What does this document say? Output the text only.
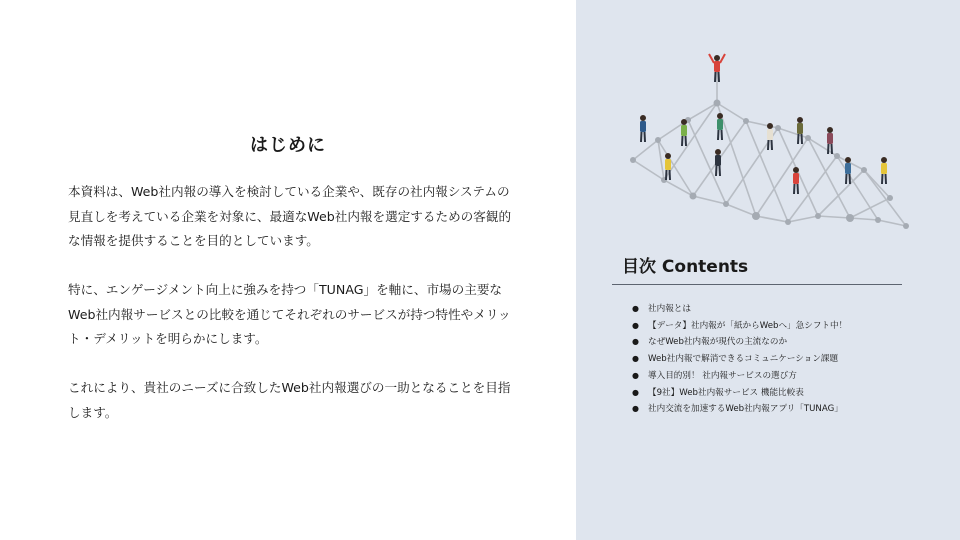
はじめに

本資料は、Web社内報の導入を検討している企業や、既存の社内報システムの見直しを考えている企業を対象に、最適なWeb社内報を選定するための客観的な情報を提供することを目的としています。

特に、エンゲージメント向上に強みを持つ「TUNAG」を軸に、市場の主要なWeb社内報サービスとの比較を通じてそれぞれのサービスが持つ特性やメリット・デメリットを明らかにします。

これにより、貴社のニーズに合致したWeb社内報選びの一助となることを目指します。

目次 Contents
● 社内報とは
● 【データ】社内報が「紙からWebへ」急シフト中！
● なぜWeb社内報が現代の主流なのか
● Web社内報で解消できるコミュニケーション課題
● 導入目的別！ 社内報サービスの選び方
● 【9社】Web社内報サービス 機能比較表
● 社内交流を加速するWeb社内報アプリ「TUNAG」
